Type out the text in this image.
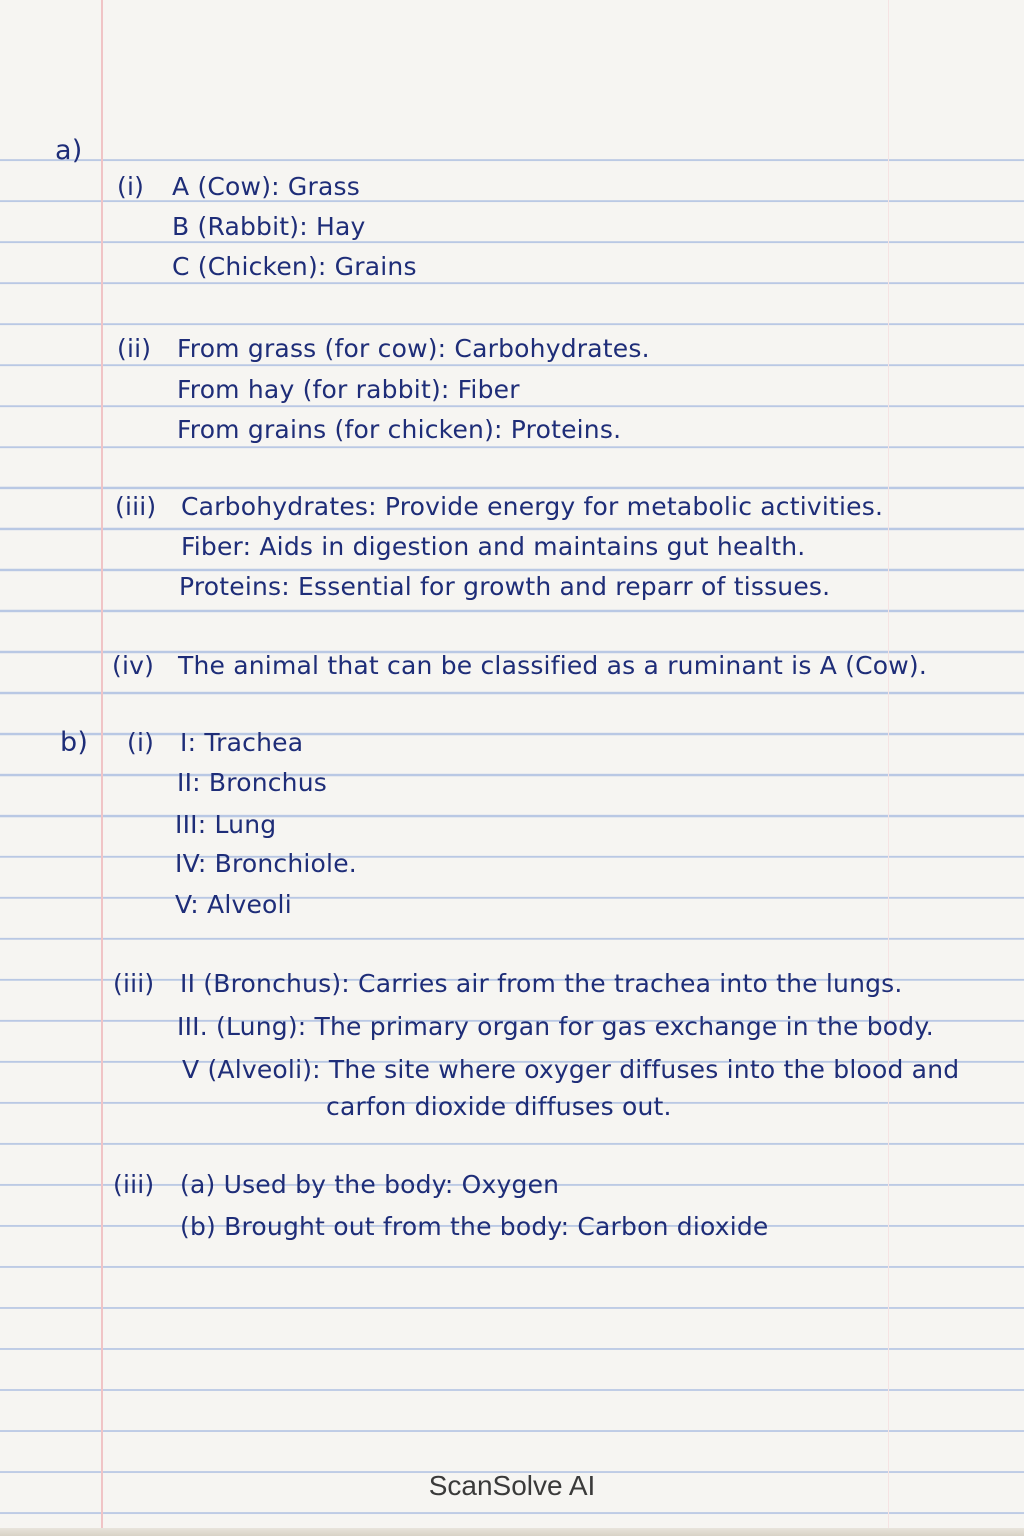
a)
(i) A (Cow): Grass
B (Rabbit): Hay
C (Chicken): Grains
(ii) From grass (for cow): Carbohydrates.
From hay (for rabbit): Fiber
From grains (for chicken): Proteins.
(iii) Carbohydrates: Provide energy for metabolic activities.
Fiber: Aids in digestion and maintains gut health.
Proteins: Essential for growth and reparr of tissues.
(iv) The animal that can be classified as a ruminant is A (Cow).
b) (i) I: Trachea
II: Bronchus
III: Lung
IV: Bronchiole.
V: Alveoli
(iii) II (Bronchus): Carries air from the trachea into the lungs.
III. (Lung): The primary organ for gas exchange in the body.
V (Alveoli): The site where oxyger diffuses into the blood and
carfon dioxide diffuses out.
(iii) (a) Used by the body: Oxygen
(b) Brought out from the body: Carbon dioxide
ScanSolve AI
